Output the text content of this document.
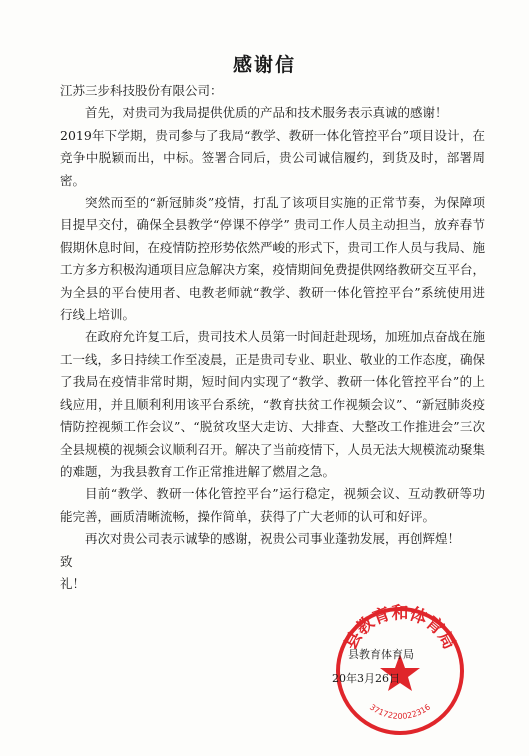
感谢信

江苏三步科技股份有限公司：

首先，对贵司为我局提供优质的产品和技术服务表示真诚的感谢！

2019年下学期，贵司参与了我局“教学、教研一体化管控平台”项目设计，在竞争中脱颖而出，中标。签署合同后，贵公司诚信履约，到货及时，部署周密。

突然而至的“新冠肺炎”疫情，打乱了该项目实施的正常节奏，为保障项目提早交付，确保全县教学“停课不停学” 贵司工作人员主动担当，放弃春节假期休息时间，在疫情防控形势依然严峻的形式下，贵司工作人员与我局、施工方多方积极沟通项目应急解决方案，疫情期间免费提供网络教研交互平台，为全县的平台使用者、电教老师就“教学、教研一体化管控平台”系统使用进行线上培训。

在政府允许复工后，贵司技术人员第一时间赶赴现场，加班加点奋战在施工一线，多日持续工作至凌晨，正是贵司专业、职业、敬业的工作态度，确保了我局在疫情非常时期，短时间内实现了“教学、教研一体化管控平台”的上线应用，并且顺利利用该平台系统，“教育扶贫工作视频会议”、“新冠肺炎疫情防控视频工作会议”、“脱贫攻坚大走访、大排查、大整改工作推进会”三次全县规模的视频会议顺利召开。解决了当前疫情下，人员无法大规模流动聚集的难题，为我县教育工作正常推进解了燃眉之急。

目前“教学、教研一体化管控平台”运行稳定，视频会议、互动教研等功能完善，画质清晰流畅，操作简单，获得了广大老师的认可和好评。

再次对贵公司表示诚挚的感谢，祝贵公司事业蓬勃发展，再创辉煌！

致

礼！

县教育和体育局
3717220022316
县教育体育局
20年3月26日
